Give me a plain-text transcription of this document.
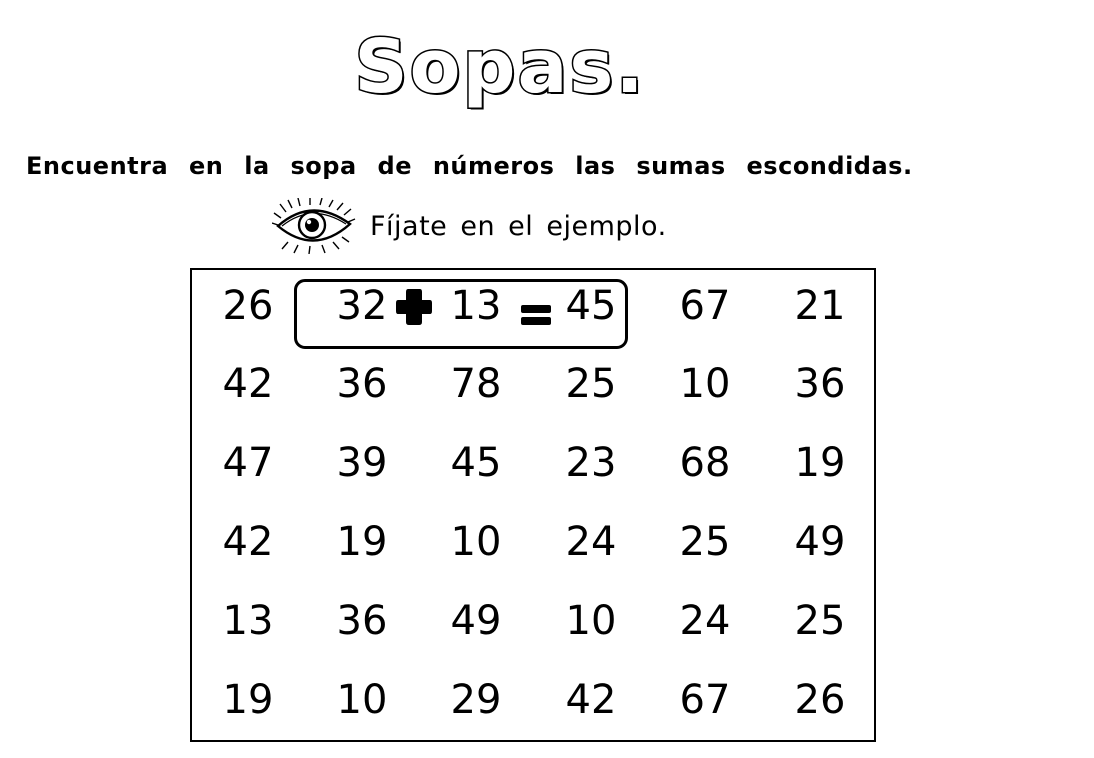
Sopas.
Encuentra en la sopa de números las sumas escondidas.
Fíjate en el ejemplo.
26	32	13	45	67	21
42	36	78	25	10	36
47	39	45	23	68	19
42	19	10	24	25	49
13	36	49	10	24	25
19	10	29	42	67	26
